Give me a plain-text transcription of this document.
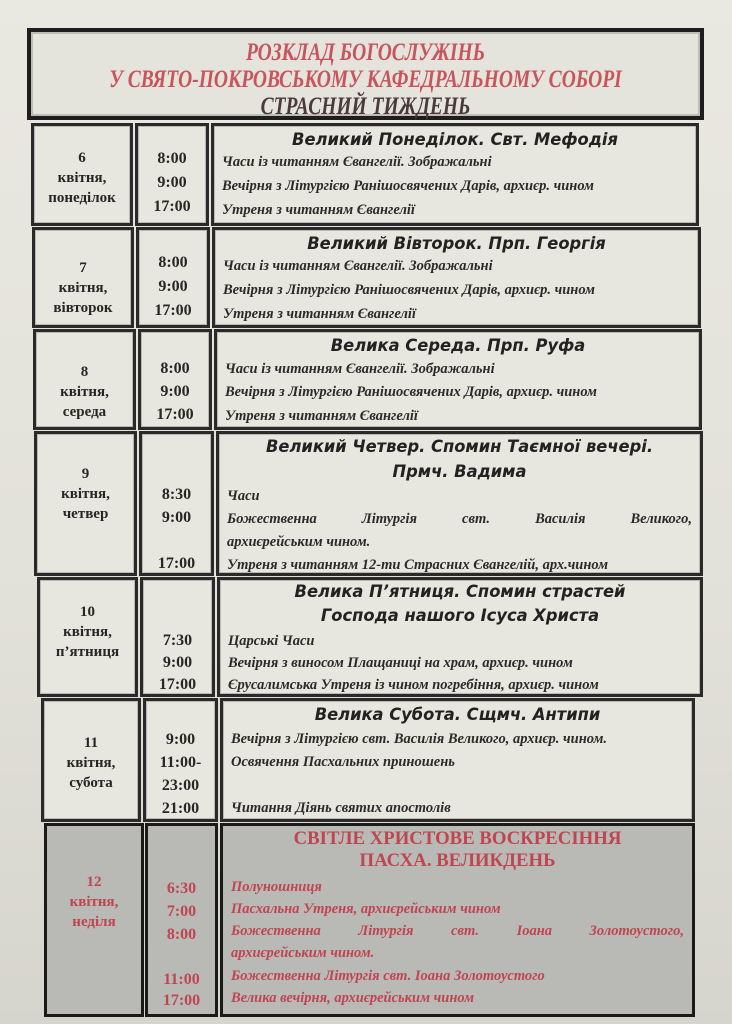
РОЗКЛАД БОГОСЛУЖІНЬ
У СВЯТО-ПОКРОВСЬКОМУ КАФЕДРАЛЬНОМУ СОБОРІ
СТРАСНИЙ ТИЖДЕНЬ
6
квітня,
понеділок
8:00
9:00
17:00
Великий Понеділок. Свт. Мефодія
Часи із читанням Євангелії. Зображальні
Вечірня з Літургією Ранішосвячених Дарів, архиєр. чином
Утреня з читанням Євангелії
7
квітня,
вівторок
8:00
9:00
17:00
Великий Вівторок. Прп. Георгія
Часи із читанням Євангелії. Зображальні
Вечірня з Літургією Ранішосвячених Дарів, архиєр. чином
Утреня з читанням Євангелії
8
квітня,
середа
8:00
9:00
17:00
Велика Середа. Прп. Руфа
Часи із читанням Євангелії. Зображальні
Вечірня з Літургією Ранішосвячених Дарів, архиєр. чином
Утреня з читанням Євангелії
9
квітня,
четвер
8:30
9:00
17:00
Великий Четвер. Спомин Таємної вечері.
Прмч. Вадима
Часи
Божественна Літургія свт. Василія Великого,
архиєрейським чином.
Утреня з читанням 12-ти Страсних Євангелій, арх.чином
10
квітня,
п’ятниця
7:30
9:00
17:00
Велика П’ятниця. Спомин страстей
Господа нашого Ісуса Христа
Царські Часи
Вечірня з виносом Плащаниці на храм, архиєр. чином
Єрусалимська Утреня із чином погребіння, архиєр. чином
11
квітня,
субота
9:00
11:00-
23:00
21:00
Велика Субота. Сщмч. Антипи
Вечірня з Літургією свт. Василія Великого, архиєр. чином.
Освячення Пасхальних приношень
Читання Діянь святих апостолів
12
квітня,
неділя
6:30
7:00
8:00
11:00
17:00
СВІТЛЕ ХРИСТОВЕ ВОСКРЕСІННЯ
ПАСХА. ВЕЛИКДЕНЬ
Полуношниця
Пасхальна Утреня, архиєрейським чином
Божественна Літургія свт. Іоана Золотоустого,
архиєрейським чином.
Божественна Літургія свт. Іоана Золотоустого
Велика вечірня, архиєрейським чином
